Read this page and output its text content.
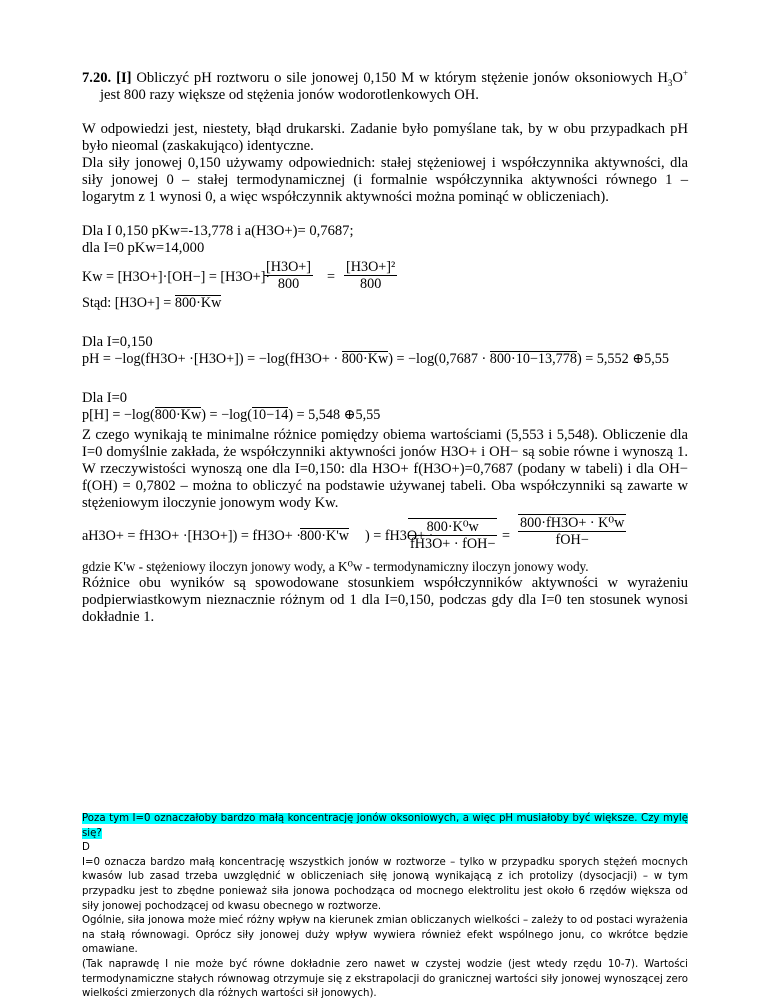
7.20. [I] Obliczyć pH roztworu o sile jonowej 0,150 M w którym stężenie jonów oksoniowych $H_3O^+$ jest 800 razy większe od stężenia jonów wodorotlenkowych OH.

W odpowiedzi jest, niestety, błąd drukarski. Zadanie było pomyślane tak, by w obu przypadkach pH było nieomal (zaskakująco) identyczne.

Dla siły jonowej 0,150 używamy odpowiednich: stałej stężeniowej i współczynnika aktywności, dla siły jonowej 0 – stałej termodynamicznej (i formalnie współczynnika aktywności równego 1 – logarytm z 1 wynosi 0, a więc współczynnik aktywności można pominąć w obliczeniach).

Dla I 0,150 pKw=-13,778 i a(H3O+)= 0,7687;

dla I=0 pKw=14,000

Kw = [H3O+]·[OH−] = [H3O+]·
$\frac{[H3O+]}{800} = \frac{\text{[H3O+]²}}{800}$
Stąd: [H3O+] = 800·Kw

Dla I=0,150

pH = −log(fH3O+ ·[H3O+]) = −log(fH3O+ · 800·Kw) = −log(0,7687 · 800·10−13,778) = 5,552 ⊕5,55

Dla I=0

p[H] = −log(800·Kw) = −log(10−14) = 5,548 ⊕5,55

Z czego wynikają te minimalne różnice pomiędzy obiema wartościami (5,553 i 5,548). Obliczenie dla I=0 domyślnie zakłada, że współczynniki aktywności jonów H3O+ i OH− są sobie równe i wynoszą 1. W rzeczywistości wynoszą one dla I=0,150: dla H3O+ f(H3O+)=0,7687 (podany w tabeli) i dla OH− f(OH) = 0,7802 – można to obliczyć na podstawie używanej tabeli. Oba współczynniki są zawarte w stężeniowym iloczynie jonowym wody Kw.

aH3O+ = fH3O+ ·[H3O+]) = fH3O+ · 800·K'w ) = fH3O+ ·
800·K⁰w
fH3O+ · fOH− =
800·fH3O+ · K⁰w
fOH−

gdzie K'w - stężeniowy iloczyn jonowy wody, a K⁰w - termodynamiczny iloczyn jonowy wody.

Różnice obu wyników są spowodowane stosunkiem współczynników aktywności w wyrażeniu podpierwiastkowym nieznacznie różnym od 1 dla I=0,150, podczas gdy dla I=0 ten stosunek wynosi dokładnie 1.

Poza tym I=0 oznaczałoby bardzo małą koncentrację jonów oksoniowych, a więc pH musiałoby być większe. Czy mylę się?

D

I=0 oznacza bardzo małą koncentrację wszystkich jonów w roztworze – tylko w przypadku sporych stężeń mocnych kwasów lub zasad trzeba uwzględnić w obliczeniach siłę jonową wynikającą z ich protolizy (dysocjacji) – w tym przypadku jest to zbędne ponieważ siła jonowa pochodząca od mocnego elektrolitu jest około 6 rzędów większa od siły jonowej pochodzącej od kwasu obecnego w roztworze.

Ogólnie, siła jonowa może mieć różny wpływ na kierunek zmian obliczanych wielkości – zależy to od postaci wyrażenia na stałą równowagi. Oprócz siły jonowej duży wpływ wywiera również efekt wspólnego jonu, co wkrótce będzie omawiane.

(Tak naprawdę I nie może być równe dokładnie zero nawet w czystej wodzie (jest wtedy rzędu 10-7). Wartości termodynamiczne stałych równowag otrzymuje się z ekstrapolacji do granicznej wartości siły jonowej wynoszącej zero wielkości zmierzonych dla różnych wartości sił jonowych).
